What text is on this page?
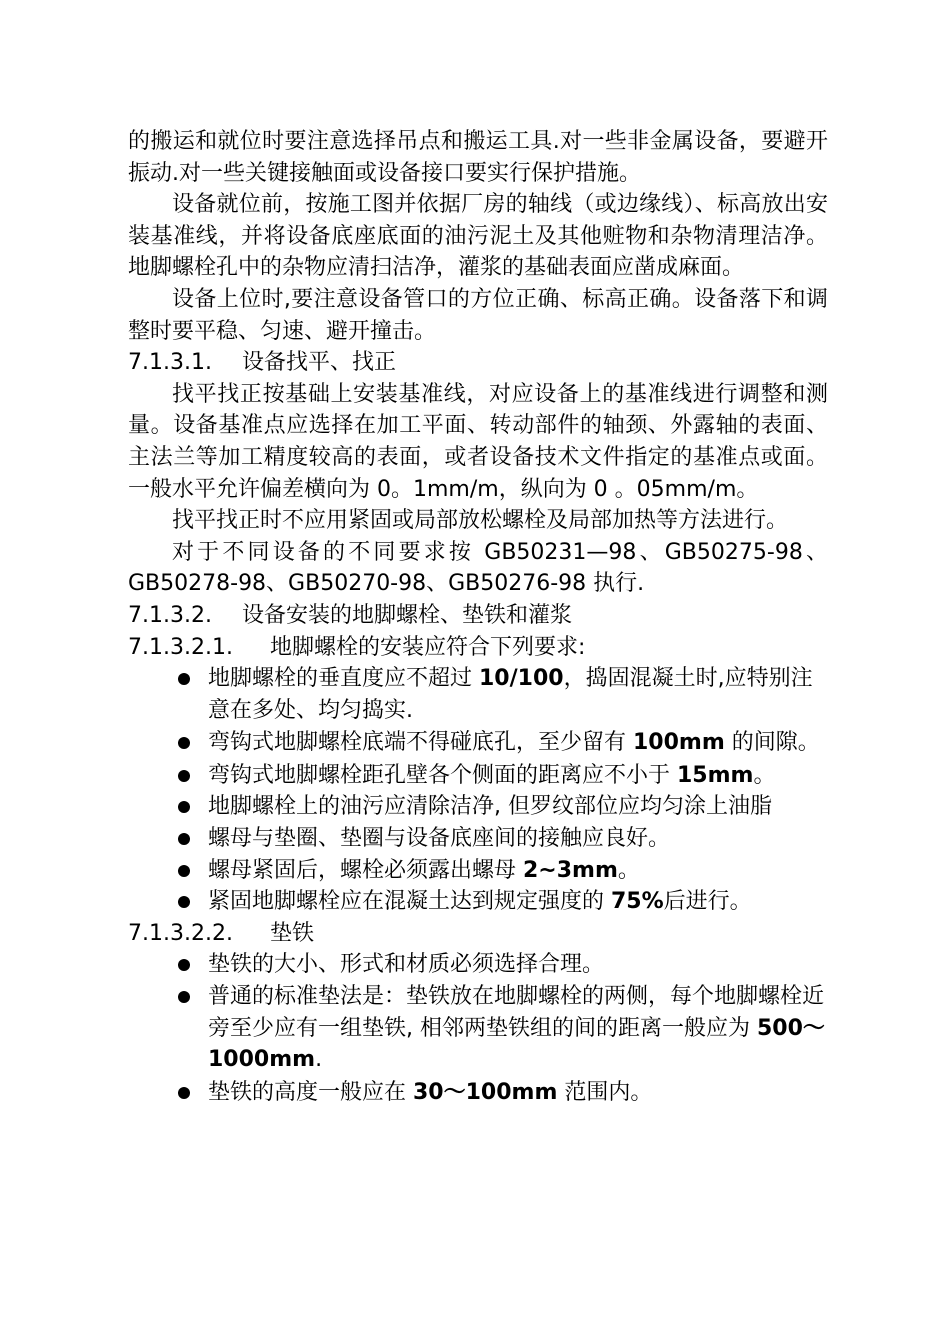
的搬运和就位时要注意选择吊点和搬运工具.对一些非金属设备，要避开振动.对一些关键接触面或设备接口要实行保护措施。

设备就位前，按施工图并依据厂房的轴线（或边缘线）、标高放出安装基准线，并将设备底座底面的油污泥土及其他赃物和杂物清理洁净。地脚螺栓孔中的杂物应清扫洁净，灌浆的基础表面应凿成麻面。

设备上位时,要注意设备管口的方位正确、标高正确。设备落下和调整时要平稳、匀速、避开撞击。

7.1.3.1. 设备找平、找正

找平找正按基础上安装基准线，对应设备上的基准线进行调整和测量。设备基准点应选择在加工平面、转动部件的轴颈、外露轴的表面、主法兰等加工精度较高的表面，或者设备技术文件指定的基准点或面。一般水平允许偏差横向为 0。1mm/m，纵向为 0 。05mm/m。

找平找正时不应用紧固或局部放松螺栓及局部加热等方法进行。

对于不同设备的不同要求按 GB50231—98、GB50275-98、GB50278-98、GB50270-98、GB50276-98 执行.

7.1.3.2. 设备安装的地脚螺栓、垫铁和灌浆
7.1.3.2.1. 地脚螺栓的安装应符合下列要求:
地脚螺栓的垂直度应不超过 10/100，捣固混凝土时,应特别注意在多处、均匀捣实.
弯钩式地脚螺栓底端不得碰底孔，至少留有 100mm 的间隙。
弯钩式地脚螺栓距孔壁各个侧面的距离应不小于 15mm。
地脚螺栓上的油污应清除洁净, 但罗纹部位应均匀涂上油脂
螺母与垫圈、垫圈与设备底座间的接触应良好。
螺母紧固后，螺栓必须露出螺母 2~3mm。
紧固地脚螺栓应在混凝土达到规定强度的 75%后进行。
7.1.3.2.2. 垫铁
垫铁的大小、形式和材质必须选择合理。
普通的标准垫法是：垫铁放在地脚螺栓的两侧，每个地脚螺栓近旁至少应有一组垫铁, 相邻两垫铁组的间的距离一般应为 500～1000mm.
垫铁的高度一般应在 30～100mm 范围内。
